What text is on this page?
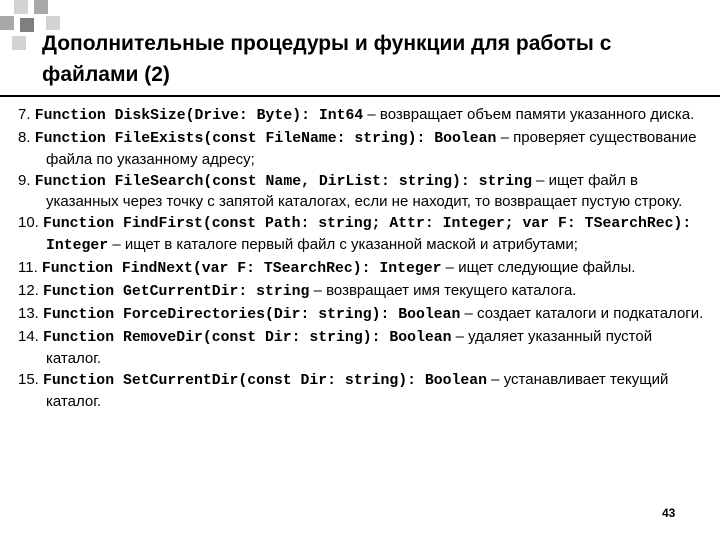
Дополнительные процедуры и функции для работы с файлами (2)
7. Function DiskSize(Drive: Byte): Int64 – возвращает объем памяти указанного диска.
8. Function FileExists(const FileName: string): Boolean – проверяет существование файла по указанному адресу;
9. Function FileSearch(const Name, DirList: string): string – ищет файл в указанных через точку с запятой каталогах, если не находит, то возвращает пустую строку.
10. Function FindFirst(const Path: string; Attr: Integer; var F: TSearchRec): Integer – ищет в каталоге первый файл с указанной маской и атрибутами;
11. Function FindNext(var F: TSearchRec): Integer – ищет следующие файлы.
12. Function GetCurrentDir: string – возвращает имя текущего каталога.
13. Function ForceDirectories(Dir: string): Boolean – создает каталоги и подкаталоги.
14. Function RemoveDir(const Dir: string): Boolean – удаляет указанный пустой каталог.
15. Function SetCurrentDir(const Dir: string): Boolean – устанавливает текущий каталог.
43
